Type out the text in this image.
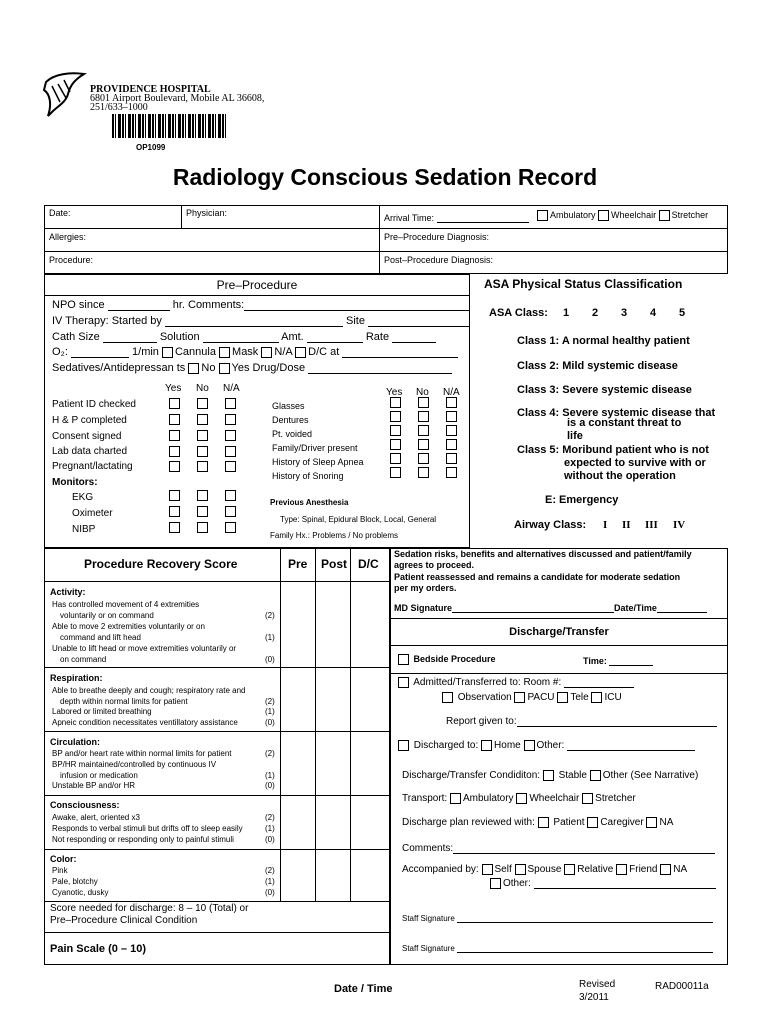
PROVIDENCE HOSPITAL
6801 Airport Boulevard, Mobile AL 36608,
251/633–1000
OP1099
Radiology Conscious Sedation Record
Date:	Physician:	Arrival Time:	Ambulatory Wheelchair Stretcher
Allergies:	Pre–Procedure Diagnosis:
Procedure:	Post–Procedure Diagnosis:
Pre–Procedure
NPO since	hr. Comments:
IV Therapy: Started by	Site
Cath Size	Solution	Amt.	Rate
O₂:	1/min Cannula Mask N/A D/C at
Sedatives/Antidepressan ts No Yes Drug/Dose
Yes No N/A
Patient ID checked
H & P completed
Consent signed
Lab data charted
Pregnant/lactating
Monitors:
EKG
Oximeter
NIBP
Yes No N/A
Glasses
Dentures
Pt. voided
Family/Driver present
History of Sleep Apnea
History of Snoring
Previous Anesthesia
Type: Spinal, Epidural Block, Local, General
Family Hx.: Problems / No problems
ASA Physical Status Classification
ASA Class: 1 2 3 4 5
Class 1: A normal healthy patient
Class 2: Mild systemic disease
Class 3: Severe systemic disease
Class 4: Severe systemic disease that
is a constant threat to
life
Class 5: Moribund patient who is not
expected to survive with or
without the operation
E: Emergency
Airway Class: I II III IV
Procedure Recovery Score	Pre Post D/C
Activity:
Has controlled movement of 4 extremities
voluntarily or on command	(2)
Able to move 2 extremities voluntarily or on
command and lift head	(1)
Unable to lift head or move extremities voluntarily or
on command	(0)
Respiration:
Able to breathe deeply and cough; respiratory rate and
depth within normal limits for patient	(2)
Labored or limited breathing	(1)
Apneic condition necessitates ventillatory assistance	(0)
Circulation:
BP and/or heart rate within normal limits for patient	(2)
BP/HR maintained/controlled by continuous IV
infusion or medication	(1)
Unstable BP and/or HR	(0)
Consciousness:
Awake, alert, oriented x3	(2)
Responds to verbal stimuli but drifts off to sleep easily	(1)
Not responding or responding only to painful stimuli	(0)
Color:
Pink	(2)
Pale, blotchy	(1)
Cyanotic, dusky	(0)
Score needed for discharge: 8 – 10 (Total) or
Pre–Procedure Clinical Condition
Pain Scale (0 – 10)
Date / Time
Sedation risks, benefits and alternatives discussed and patient/family
agrees to proceed.
Patient reassessed and remains a candidate for moderate sedation
per my orders.
MD Signature	Date/Time
Discharge/Transfer
Bedside Procedure	Time:
Admitted/Transferred to: Room #:
Observation PACU Tele ICU
Report given to:
Discharged to: Home Other:
Discharge/Transfer Condiditon: Stable Other (See Narrative)
Transport: Ambulatory Wheelchair Stretcher
Discharge plan reviewed with: Patient Caregiver NA
Comments:
Accompanied by: Self Spouse Relative Friend NA
Other:
Staff Signature
Staff Signature
Revised
3/2011
RAD00011a
